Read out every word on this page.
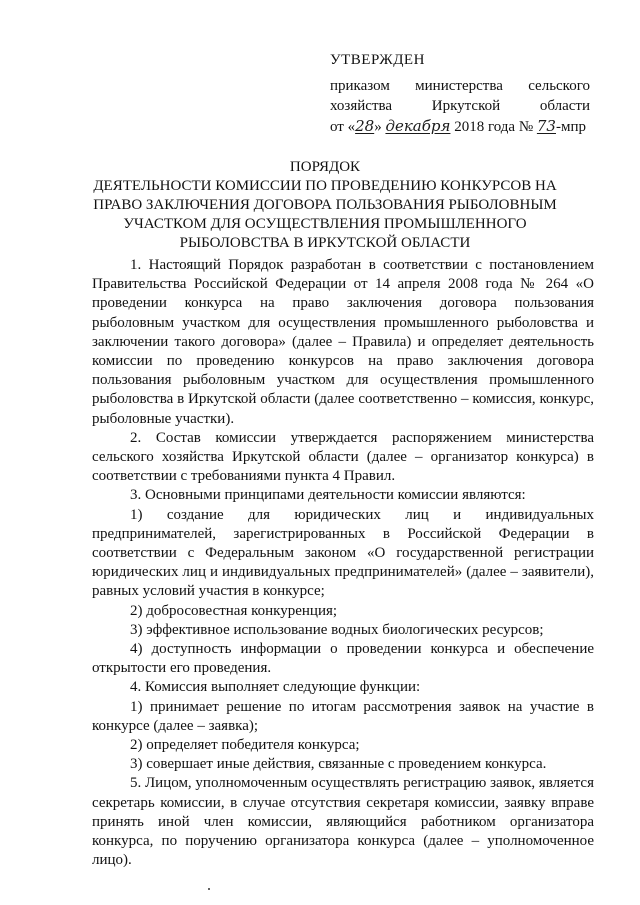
УТВЕРЖДЕН
приказом министерства сельского
хозяйства Иркутской области
от «28» декабря 2018 года № 73-мпр
ПОРЯДОК
ДЕЯТЕЛЬНОСТИ КОМИССИИ ПО ПРОВЕДЕНИЮ КОНКУРСОВ НА
ПРАВО ЗАКЛЮЧЕНИЯ ДОГОВОРА ПОЛЬЗОВАНИЯ РЫБОЛОВНЫМ
УЧАСТКОМ ДЛЯ ОСУЩЕСТВЛЕНИЯ ПРОМЫШЛЕННОГО
РЫБОЛОВСТВА В ИРКУТСКОЙ ОБЛАСТИ

1. Настоящий Порядок разработан в соответствии с постановлением Правительства Российской Федерации от 14 апреля 2008 года № 264 «О проведении конкурса на право заключения договора пользования рыболовным участком для осуществления промышленного рыболовства и заключении такого договора» (далее – Правила) и определяет деятельность комиссии по проведению конкурсов на право заключения договора пользования рыболовным участком для осуществления промышленного рыболовства в Иркутской области (далее соответственно – комиссия, конкурс, рыболовные участки).

2. Состав комиссии утверждается распоряжением министерства сельского хозяйства Иркутской области (далее – организатор конкурса) в соответствии с требованиями пункта 4 Правил.

3. Основными принципами деятельности комиссии являются:

1) создание для юридических лиц и индивидуальных предпринимателей, зарегистрированных в Российской Федерации в соответствии с Федеральным законом «О государственной регистрации юридических лиц и индивидуальных предпринимателей» (далее – заявители), равных условий участия в конкурсе;

2) добросовестная конкуренция;

3) эффективное использование водных биологических ресурсов;

4) доступность информации о проведении конкурса и обеспечение открытости его проведения.

4. Комиссия выполняет следующие функции:

1) принимает решение по итогам рассмотрения заявок на участие в конкурсе (далее – заявка);

2) определяет победителя конкурса;

3) совершает иные действия, связанные с проведением конкурса.

5. Лицом, уполномоченным осуществлять регистрацию заявок, является секретарь комиссии, в случае отсутствия секретаря комиссии, заявку вправе принять иной член комиссии, являющийся работником организатора конкурса, по поручению организатора конкурса (далее – уполномоченное лицо).
